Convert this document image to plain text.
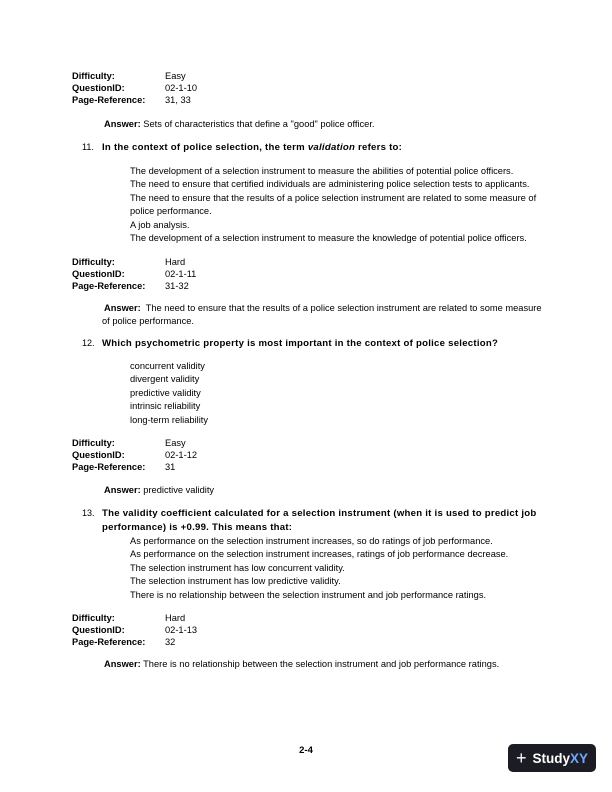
Difficulty:	Easy
QuestionID:	02-1-10
Page-Reference: 31, 33
Answer: Sets of characteristics that define a "good" police officer.
11. In the context of police selection, the term validation refers to:
The development of a selection instrument to measure the abilities of potential police officers.
The need to ensure that certified individuals are administering police selection tests to applicants.
The need to ensure that the results of a police selection instrument are related to some measure of
police performance.
A job analysis.
The development of a selection instrument to measure the knowledge of potential police officers.
Difficulty:	Hard
QuestionID:	02-1-11
Page-Reference: 31-32
Answer: The need to ensure that the results of a police selection instrument are related to some measure
of police performance.
12. Which psychometric property is most important in the context of police selection?
concurrent validity
divergent validity
predictive validity
intrinsic reliability
long-term reliability
Difficulty:	Easy
QuestionID:	02-1-12
Page-Reference: 31
Answer: predictive validity
13. The validity coefficient calculated for a selection instrument (when it is used to predict job
performance) is +0.99. This means that:
As performance on the selection instrument increases, so do ratings of job performance.
As performance on the selection instrument increases, ratings of job performance decrease.
The selection instrument has low concurrent validity.
The selection instrument has low predictive validity.
There is no relationship between the selection instrument and job performance ratings.
Difficulty:	Hard
QuestionID:	02-1-13
Page-Reference: 32
Answer: There is no relationship between the selection instrument and job performance ratings.
2-4	+ StudyXY
